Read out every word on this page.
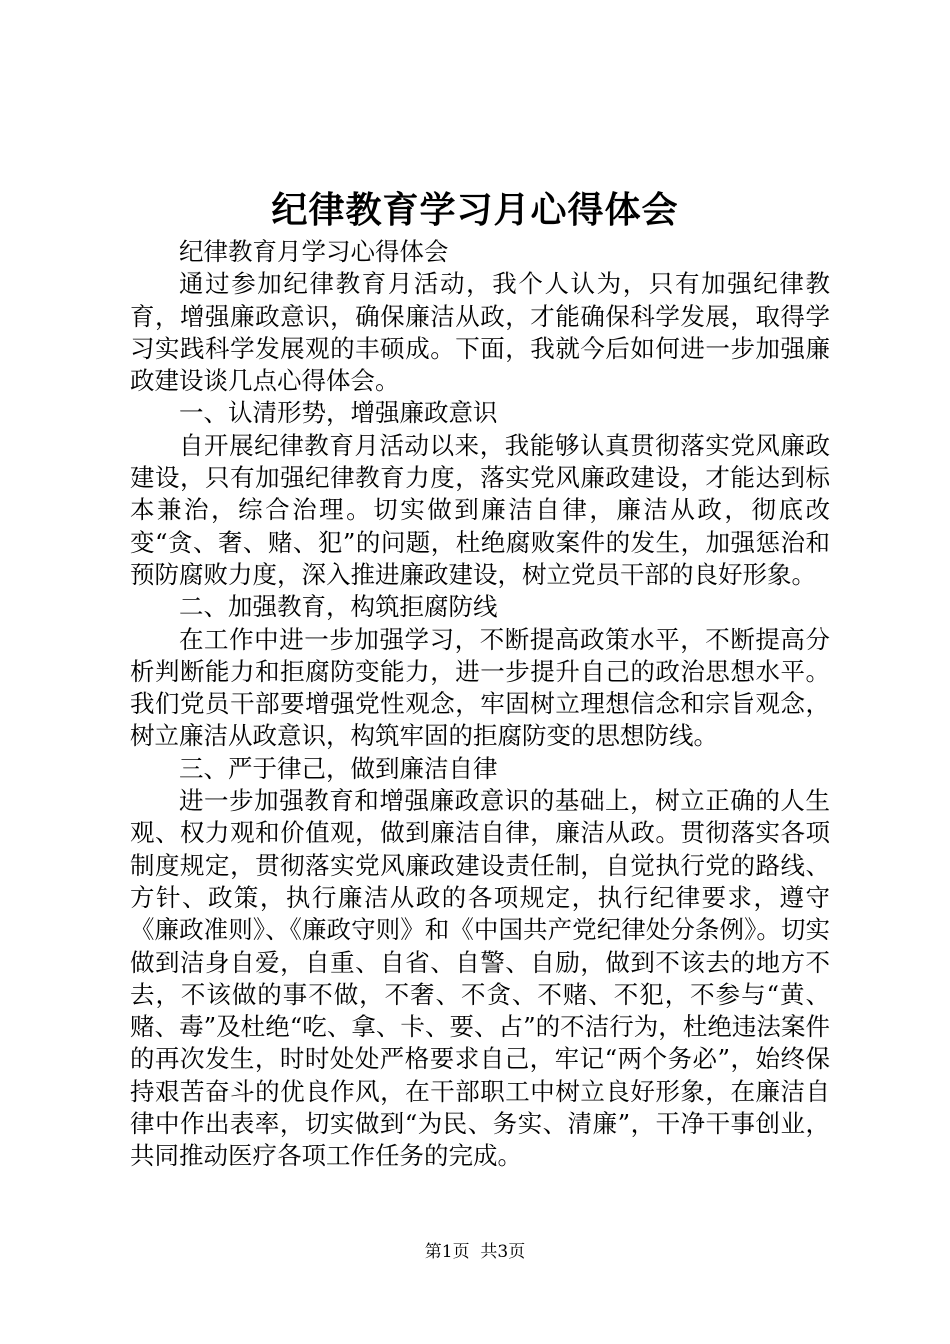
纪律教育学习月心得体会

纪律教育月学习心得体会

通过参加纪律教育月活动，我个人认为，只有加强纪律教育，增强廉政意识，确保廉洁从政，才能确保科学发展，取得学习实践科学发展观的丰硕成。下面，我就今后如何进一步加强廉政建设谈几点心得体会。

一、认清形势，增强廉政意识

自开展纪律教育月活动以来，我能够认真贯彻落实党风廉政建设，只有加强纪律教育力度，落实党风廉政建设，才能达到标本兼治，综合治理。切实做到廉洁自律，廉洁从政，彻底改变“贪、奢、赌、犯”的问题，杜绝腐败案件的发生，加强惩治和预防腐败力度，深入推进廉政建设，树立党员干部的良好形象。

二、加强教育，构筑拒腐防线

在工作中进一步加强学习，不断提高政策水平，不断提高分析判断能力和拒腐防变能力，进一步提升自己的政治思想水平。我们党员干部要增强党性观念，牢固树立理想信念和宗旨观念，树立廉洁从政意识，构筑牢固的拒腐防变的思想防线。

三、严于律己，做到廉洁自律

进一步加强教育和增强廉政意识的基础上，树立正确的人生观、权力观和价值观，做到廉洁自律，廉洁从政。贯彻落实各项制度规定，贯彻落实党风廉政建设责任制，自觉执行党的路线、方针、政策，执行廉洁从政的各项规定，执行纪律要求，遵守《廉政准则》、《廉政守则》和《中国共产党纪律处分条例》。切实做到洁身自爱，自重、自省、自警、自励，做到不该去的地方不去，不该做的事不做，不奢、不贪、不赌、不犯，不参与“黄、赌、毒”及杜绝“吃、拿、卡、要、占”的不洁行为，杜绝违法案件的再次发生，时时处处严格要求自己，牢记“两个务必”，始终保持艰苦奋斗的优良作风，在干部职工中树立良好形象，在廉洁自律中作出表率，切实做到“为民、务实、清廉”，干净干事创业，共同推动医疗各项工作任务的完成。

第1页  共3页
